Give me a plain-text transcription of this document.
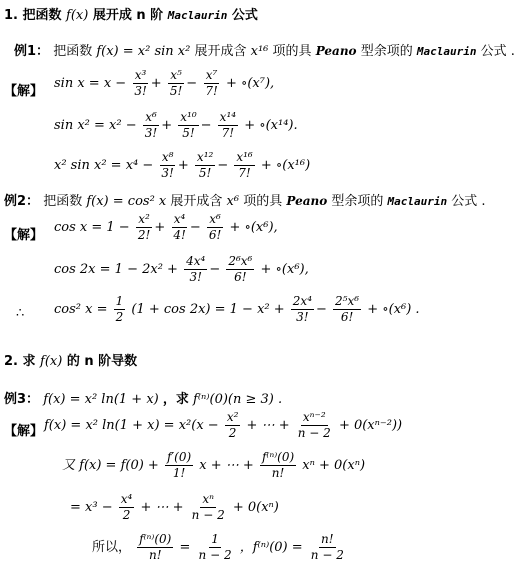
1. 把函数 f(x) 展开成 n 阶 Maclaurin 公式
例1： 把函数 f(x) = x² sin x² 展开成含 x¹⁶ 项的具 Peano 型余项的 Maclaurin 公式 .
【解】
$\sin x = x - \frac{\text{x³}}{3!} + \frac{\text{x⁵}}{5!} - \frac{\text{x⁷}}{7!}$ + ∘(x⁷),
$\sin x^2 = x^2 - \frac{\text{x⁶}}{3!} + \frac{\text{x¹⁰}}{5!} - \frac{\text{x¹⁴}}{7!}$ + ∘(x¹⁴).
x² $\sin x^2 = x^4 - \frac{\text{x⁸}}{3!} + \frac{\text{x¹²}}{5!} - \frac{\text{x¹⁶}}{7!}$ + ∘(x¹⁶)
例2： 把函数 f(x) = cos² x 展开成含 x⁶ 项的具 Peano 型余项的 Maclaurin 公式 .
【解】
$\cos x = 1 - \frac{\text{x²}}{2!} + \frac{\text{x⁴}}{4!} - \frac{\text{x⁶}}{6!}$ + ∘(x⁶),
$\cos 2x = 1 - 2x^2 + \frac{\text{4x⁴}}{3!} - \frac{\text{2⁶x⁶}}{6!}$ + ∘(x⁶),
∴ cos² $x = \frac{1}{2} (1 + \cos 2x) = 1 - x^2 + \frac{\text{2x⁴}}{3!} - \frac{\text{2⁵x⁶}}{6!}$ + ∘(x⁶) .
2. 求 f(x) 的 n 阶导数
例3： f(x) = x² ln(1 + x) ，求 f⁽ⁿ⁾(0)(n ≥ 3) .
【解】 f(x) = x² $\ln(1 + x) = x^2(x - \frac{\text{x²}}{2}$ + ⋯ + $\frac{\text{xⁿ⁻²}}{n - 2} + 0(x^{n-2})$)
又 $f(x) = f(0) + \frac{f'(0)}{1!}$ x + ⋯ + $\frac{\text{f⁽ⁿ⁾(0)}}{n!}$ xⁿ + 0(xⁿ)
= $x^3 - \frac{\text{x⁴}}{2}$ + ⋯ + $\frac{\text{xⁿ}}{n - 2} + 0(x^n)$
所以， $\frac{\text{f⁽ⁿ⁾(0)}}{n!} = \frac{1}{n - 2}$ ，$f^{(n)}(0) = \frac{n!}{n - 2}$
